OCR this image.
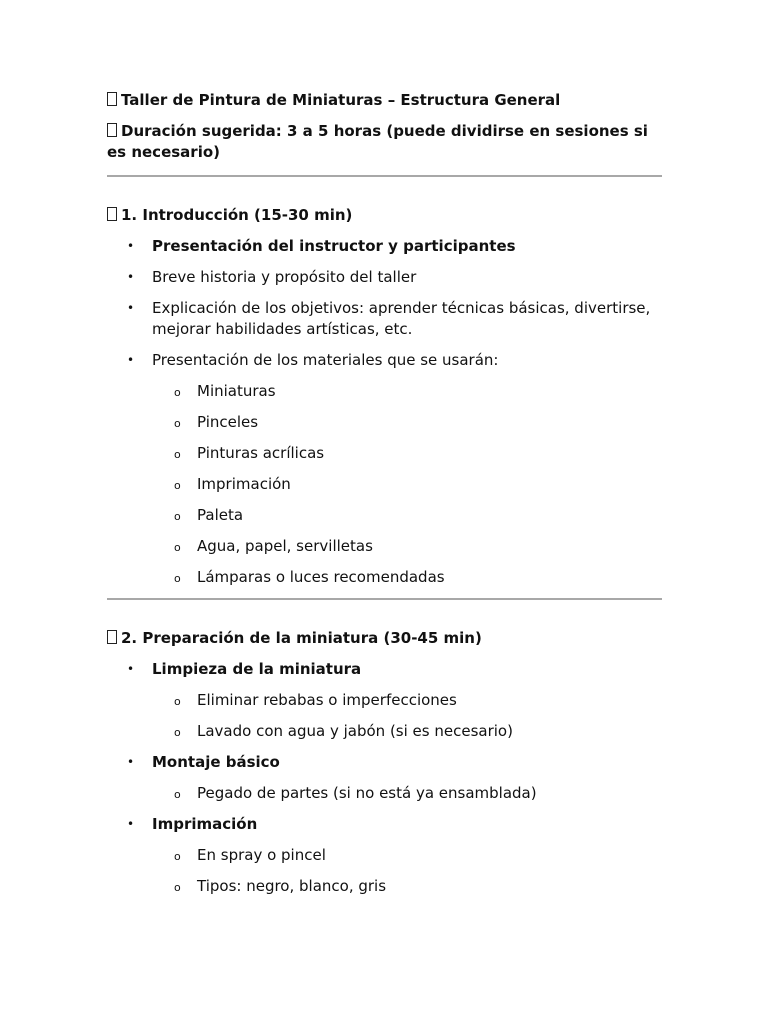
Taller de Pintura de Miniaturas – Estructura General
Duración sugerida: 3 a 5 horas (puede dividirse en sesiones si es necesario)
1. Introducción (15-30 min)
• Presentación del instructor y participantes
• Breve historia y propósito del taller
• Explicación de los objetivos: aprender técnicas básicas, divertirse, mejorar habilidades artísticas, etc.
• Presentación de los materiales que se usarán:
o Miniaturas
o Pinceles
o Pinturas acrílicas
o Imprimación
o Paleta
o Agua, papel, servilletas
o Lámparas o luces recomendadas
2. Preparación de la miniatura (30-45 min)
• Limpieza de la miniatura
o Eliminar rebabas o imperfecciones
o Lavado con agua y jabón (si es necesario)
• Montaje básico
o Pegado de partes (si no está ya ensamblada)
• Imprimación
o En spray o pincel
o Tipos: negro, blanco, gris
